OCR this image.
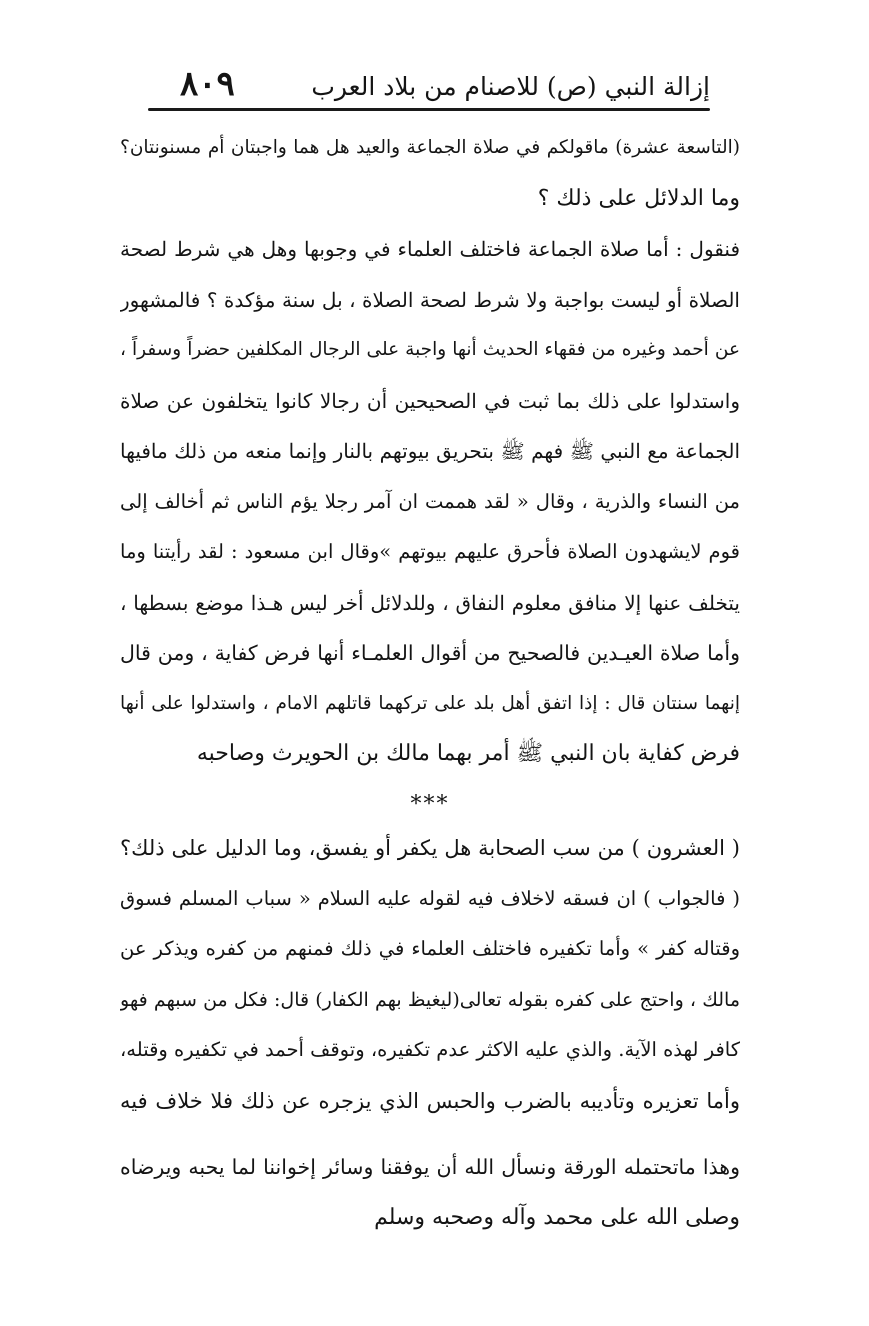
إزالة النبي (ص) للاصنام من بلاد العرب
٨٠٩
(التاسعة عشرة) ماقولكم في صلاة الجماعة والعيد هل هما واجبتان أم مسنونتان؟
وما الدلائل على ذلك ؟
فنقول : أما صلاة الجماعة فاختلف العلماء في وجوبها وهل هي شرط لصحة
الصلاة أو ليست بواجبة ولا شرط لصحة الصلاة ، بل سنة مؤكدة ؟ فالمشهور
عن أحمد وغيره من فقهاء الحديث أنها واجبة على الرجال المكلفين حضراً وسفراً ،
واستدلوا على ذلك بما ثبت في الصحيحين أن رجالا كانوا يتخلفون عن صلاة
الجماعة مع النبي ﷺ فهم ﷺ بتحريق بيوتهم بالنار وإنما منعه من ذلك مافيها
من النساء والذرية ، وقال « لقد هممت ان آمر رجلا يؤم الناس ثم أخالف إلى
قوم لايشهدون الصلاة فأحرق عليهم بيوتهم »وقال ابن مسعود : لقد رأيتنا وما
يتخلف عنها إلا منافق معلوم النفاق ، وللدلائل أخر ليس هـذا موضع بسطها ،
وأما صلاة العيـدين فالصحيح من أقوال العلمـاء أنها فرض كفاية ، ومن قال
إنهما سنتان قال : إذا اتفق أهل بلد على تركهما قاتلهم الامام ، واستدلوا على أنها
فرض كفاية بان النبي ﷺ أمر بهما مالك بن الحويرث وصاحبه
***
( العشرون ) من سب الصحابة هل يكفر أو يفسق، وما الدليل على ذلك؟
( فالجواب ) ان فسقه لاخلاف فيه لقوله عليه السلام « سباب المسلم فسوق
وقتاله كفر » وأما تكفيره فاختلف العلماء في ذلك فمنهم من كفره ويذكر عن
مالك ، واحتج على كفره بقوله تعالى(ليغيظ بهم الكفار) قال: فكل من سبهم فهو
كافر لهذه الآية. والذي عليه الاكثر عدم تكفيره، وتوقف أحمد في تكفيره وقتله،
وأما تعزيره وتأديبه بالضرب والحبس الذي يزجره عن ذلك فلا خلاف فيه
وهذا ماتحتمله الورقة ونسأل الله أن يوفقنا وسائر إخواننا لما يحبه ويرضاه
وصلى الله على محمد وآله وصحبه وسلم
